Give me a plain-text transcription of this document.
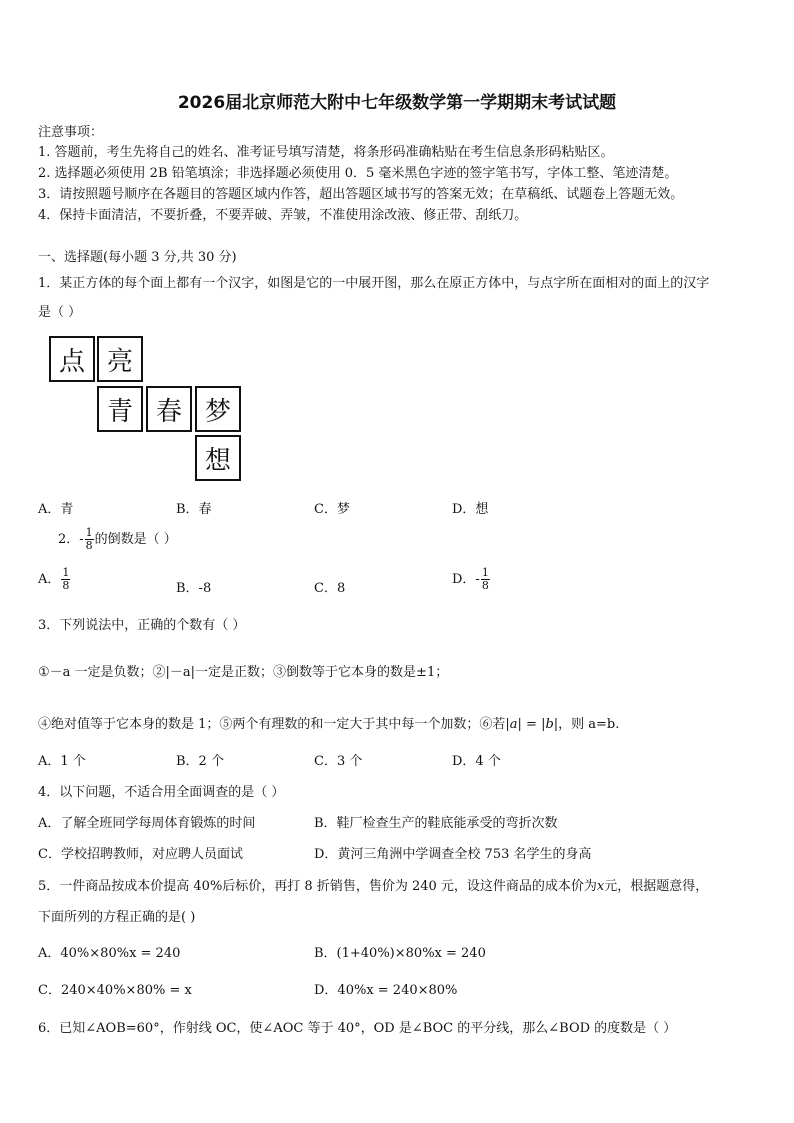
2026届北京师范大附中七年级数学第一学期期末考试试题
注意事项：
1. 答题前，考生先将自己的姓名、准考证号填写清楚，将条形码准确粘贴在考生信息条形码粘贴区。
2. 选择题必须使用 2B 铅笔填涂；非选择题必须使用 0．5 毫米黑色字迹的签字笔书写，字体工整、笔迹清楚。
3．请按照题号顺序在各题目的答题区域内作答，超出答题区域书写的答案无效；在草稿纸、试题卷上答题无效。
4．保持卡面清洁，不要折叠，不要弄破、弄皱，不准使用涂改液、修正带、刮纸刀。
一、选择题(每小题 3 分,共 30 分)
1．某正方体的每个面上都有一个汉字，如图是它的一中展开图，那么在原正方体中，与点字所在面相对的面上的汉字
是（ ）
点 亮
青 春 梦
想
A．青	B．春	C．梦	D．想
2．- $\frac{1}{8}$ 的倒数是（ ）
A． $\frac{1}{8}$	B．-8	C．8
D．- $\frac{1}{8}$
3．下列说法中，正确的个数有（ ）
①－a 一定是负数；②|－a|一定是正数；③倒数等于它本身的数是±1；
④绝对值等于它本身的数是 1；⑤两个有理数的和一定大于其中每一个加数；⑥若|a| = |b|，则 a=b.
A．1 个	B．2 个	C．3 个	D．4 个
4．以下问题，不适合用全面调查的是（ ）
A．了解全班同学每周体育锻炼的时间	B．鞋厂检查生产的鞋底能承受的弯折次数
C．学校招聘教师，对应聘人员面试	D．黄河三角洲中学调查全校 753 名学生的身高
5．一件商品按成本价提高 40%后标价，再打 8 折销售，售价为 240 元，设这件商品的成本价为x元，根据题意得，
下面所列的方程正确的是( )
A．40%×80%x = 240	B．(1+40%)×80%x = 240
C．240×40%×80% = x	D．40%x = 240×80%
6．已知∠AOB=60°，作射线 OC，使∠AOC 等于 40°，OD 是∠BOC 的平分线，那么∠BOD 的度数是（ ）
